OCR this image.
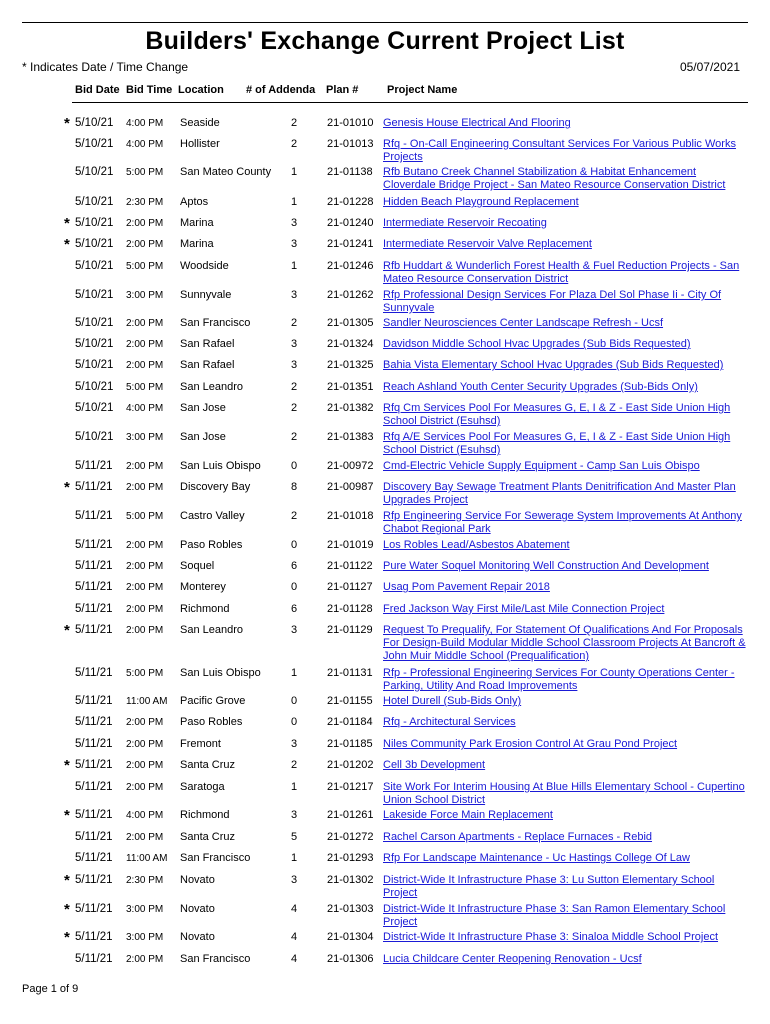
Builders' Exchange Current Project List
* Indicates Date / Time Change	05/07/2021
Bid Date Bid Time Location # of Addenda Plan #	Project Name
* 5/10/21 4:00 PM Seaside	2	21-01010 Genesis House Electrical And Flooring
5/10/21 4:00 PM Hollister	2	21-01013 Rfq - On-Call Engineering Consultant Services For Various Public Works Projects
5/10/21 5:00 PM San Mateo County 1	21-01138 Rfb Butano Creek Channel Stabilization & Habitat Enhancement Cloverdale Bridge Project - San Mateo Resource Conservation District
5/10/21 2:30 PM Aptos	1	21-01228 Hidden Beach Playground Replacement
* 5/10/21 2:00 PM Marina	3	21-01240 Intermediate Reservoir Recoating
* 5/10/21 2:00 PM Marina	3	21-01241 Intermediate Reservoir Valve Replacement
5/10/21 5:00 PM Woodside	1	21-01246 Rfb Huddart & Wunderlich Forest Health & Fuel Reduction Projects - San Mateo Resource Conservation District
5/10/21 3:00 PM Sunnyvale	3	21-01262 Rfp Professional Design Services For Plaza Del Sol Phase Ii - City Of Sunnyvale
5/10/21 2:00 PM San Francisco	2	21-01305 Sandler Neurosciences Center Landscape Refresh - Ucsf
5/10/21 2:00 PM San Rafael	3	21-01324 Davidson Middle School Hvac Upgrades (Sub Bids Requested)
5/10/21 2:00 PM San Rafael	3	21-01325 Bahia Vista Elementary School Hvac Upgrades (Sub Bids Requested)
5/10/21 5:00 PM San Leandro	2	21-01351 Reach Ashland Youth Center Security Upgrades (Sub-Bids Only)
5/10/21 4:00 PM San Jose	2	21-01382 Rfq Cm Services Pool For Measures G, E, I & Z - East Side Union High School District (Esuhsd)
5/10/21 3:00 PM San Jose	2	21-01383 Rfq A/E Services Pool For Measures G, E, I & Z - East Side Union High School District (Esuhsd)
5/11/21 2:00 PM San Luis Obispo	0	21-00972 Cmd-Electric Vehicle Supply Equipment - Camp San Luis Obispo
* 5/11/21 2:00 PM Discovery Bay	8	21-00987 Discovery Bay Sewage Treatment Plants Denitrification And Master Plan Upgrades Project
5/11/21 5:00 PM Castro Valley	2	21-01018 Rfp Engineering Service For Sewerage System Improvements At Anthony Chabot Regional Park
5/11/21 2:00 PM Paso Robles	0	21-01019 Los Robles Lead/Asbestos Abatement
5/11/21 2:00 PM Soquel	6	21-01122 Pure Water Soquel Monitoring Well Construction And Development
5/11/21 2:00 PM Monterey	0	21-01127 Usag Pom Pavement Repair 2018
5/11/21 2:00 PM Richmond	6	21-01128 Fred Jackson Way First Mile/Last Mile Connection Project
* 5/11/21 2:00 PM San Leandro	3	21-01129 Request To Prequalify, For Statement Of Qualifications And For Proposals For Design-Build Modular Middle School Classroom Projects At Bancroft & John Muir Middle School (Prequalification)
5/11/21 5:00 PM San Luis Obispo	1	21-01131 Rfp - Professional Engineering Services For County Operations Center - Parking, Utility And Road Improvements
5/11/21 11:00 AM Pacific Grove	0	21-01155 Hotel Durell (Sub-Bids Only)
5/11/21 2:00 PM Paso Robles	0	21-01184 Rfq - Architectural Services
5/11/21 2:00 PM Fremont	3	21-01185 Niles Community Park Erosion Control At Grau Pond Project
* 5/11/21 2:00 PM Santa Cruz	2	21-01202 Cell 3b Development
5/11/21 2:00 PM Saratoga	1	21-01217 Site Work For Interim Housing At Blue Hills Elementary School - Cupertino Union School District
* 5/11/21 4:00 PM Richmond	3	21-01261 Lakeside Force Main Replacement
5/11/21 2:00 PM Santa Cruz	5	21-01272 Rachel Carson Apartments - Replace Furnaces - Rebid
5/11/21 11:00 AM San Francisco	1	21-01293 Rfp For Landscape Maintenance - Uc Hastings College Of Law
* 5/11/21 2:30 PM Novato	3	21-01302 District-Wide It Infrastructure Phase 3: Lu Sutton Elementary School Project
* 5/11/21 3:00 PM Novato	4	21-01303 District-Wide It Infrastructure Phase 3: San Ramon Elementary School Project
* 5/11/21 3:00 PM Novato	4	21-01304 District-Wide It Infrastructure Phase 3: Sinaloa Middle School Project
5/11/21 2:00 PM San Francisco	4	21-01306 Lucia Childcare Center Reopening Renovation - Ucsf
Page 1 of 9
